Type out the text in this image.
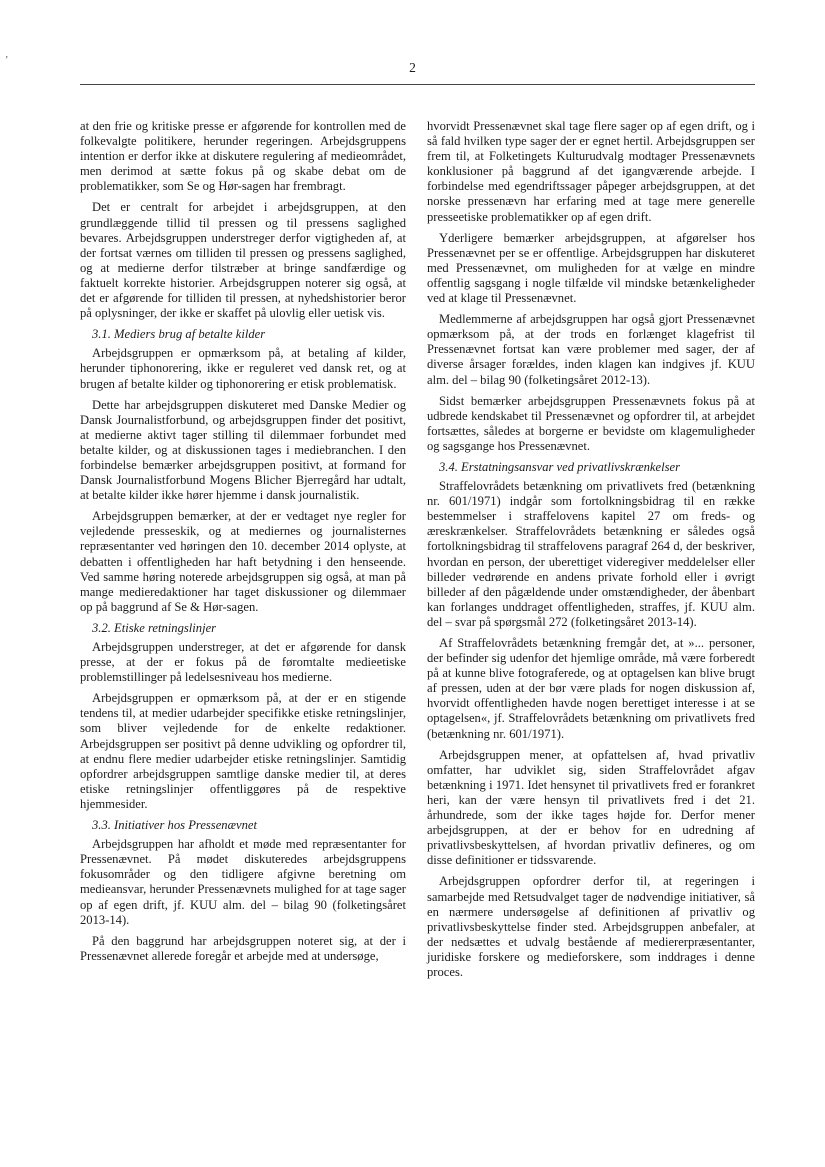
’	2

at den frie og kritiske presse er afgørende for kontrollen med de folkevalgte politikere, herunder regeringen. Arbejdsgruppens intention er derfor ikke at diskutere regulering af medieområdet, men derimod at sætte fokus på og skabe debat om de problematikker, som Se og Hør-sagen har frembragt.

Det er centralt for arbejdet i arbejdsgruppen, at den grundlæggende tillid til pressen og til pressens saglighed bevares. Arbejdsgruppen understreger derfor vigtigheden af, at der fortsat værnes om tilliden til pressen og pressens saglighed, og at medierne derfor tilstræber at bringe sandfærdige og faktuelt korrekte historier. Arbejdsgruppen noterer sig også, at det er afgørende for tilliden til pressen, at nyhedshistorier beror på oplysninger, der ikke er skaffet på ulovlig eller uetisk vis.

3.1. Mediers brug af betalte kilder

Arbejdsgruppen er opmærksom på, at betaling af kilder, herunder tiphonorering, ikke er reguleret ved dansk ret, og at brugen af betalte kilder og tiphonorering er etisk problematisk.

Dette har arbejdsgruppen diskuteret med Danske Medier og Dansk Journalistforbund, og arbejdsgruppen finder det positivt, at medierne aktivt tager stilling til dilemmaer forbundet med betalte kilder, og at diskussionen tages i mediebranchen. I den forbindelse bemærker arbejdsgruppen positivt, at formand for Dansk Journalistforbund Mogens Blicher Bjerregård har udtalt, at betalte kilder ikke hører hjemme i dansk journalistik.

Arbejdsgruppen bemærker, at der er vedtaget nye regler for vejledende presseskik, og at mediernes og journalisternes repræsentanter ved høringen den 10. december 2014 oplyste, at debatten i offentligheden har haft betydning i den henseende. Ved samme høring noterede arbejdsgruppen sig også, at man på mange medieredaktioner har taget diskussioner og dilemmaer op på baggrund af Se & Hør-sagen.

3.2. Etiske retningslinjer

Arbejdsgruppen understreger, at det er afgørende for dansk presse, at der er fokus på de føromtalte medieetiske problemstillinger på ledelsesniveau hos medierne.

Arbejdsgruppen er opmærksom på, at der er en stigende tendens til, at medier udarbejder specifikke etiske retningslinjer, som bliver vejledende for de enkelte redaktioner. Arbejdsgruppen ser positivt på denne udvikling og opfordrer til, at endnu flere medier udarbejder etiske retningslinjer. Samtidig opfordrer arbejdsgruppen samtlige danske medier til, at deres etiske retningslinjer offentliggøres på de respektive hjemmesider.

3.3. Initiativer hos Pressenævnet

Arbejdsgruppen har afholdt et møde med repræsentanter for Pressenævnet. På mødet diskuteredes arbejdsgruppens fokusområder og den tidligere afgivne beretning om medieansvar, herunder Pressenævnets mulighed for at tage sager op af egen drift, jf. KUU alm. del – bilag 90 (folketingsåret 2013-14).

På den baggrund har arbejdsgruppen noteret sig, at der i Pressenævnet allerede foregår et arbejde med at undersøge,

hvorvidt Pressenævnet skal tage flere sager op af egen drift, og i så fald hvilken type sager der er egnet hertil. Arbejdsgruppen ser frem til, at Folketingets Kulturudvalg modtager Pressenævnets konklusioner på baggrund af det igangværende arbejde. I forbindelse med egendriftssager påpeger arbejdsgruppen, at det norske pressenævn har erfaring med at tage mere generelle presseetiske problematikker op af egen drift.

Yderligere bemærker arbejdsgruppen, at afgørelser hos Pressenævnet per se er offentlige. Arbejdsgruppen har diskuteret med Pressenævnet, om muligheden for at vælge en mindre offentlig sagsgang i nogle tilfælde vil mindske betænkeligheder ved at klage til Pressenævnet.

Medlemmerne af arbejdsgruppen har også gjort Pressenævnet opmærksom på, at der trods en forlænget klagefrist til Pressenævnet fortsat kan være problemer med sager, der af diverse årsager forældes, inden klagen kan indgives jf. KUU alm. del – bilag 90 (folketingsåret 2012-13).

Sidst bemærker arbejdsgruppen Pressenævnets fokus på at udbrede kendskabet til Pressenævnet og opfordrer til, at arbejdet fortsættes, således at borgerne er bevidste om klagemuligheder og sagsgange hos Pressenævnet.

3.4. Erstatningsansvar ved privatlivskrænkelser

Straffelovrådets betænkning om privatlivets fred (betænkning nr. 601/1971) indgår som fortolkningsbidrag til en række bestemmelser i straffelovens kapitel 27 om freds- og æreskrænkelser. Straffelovrådets betænkning er således også fortolkningsbidrag til straffelovens paragraf 264 d, der beskriver, hvordan en person, der uberettiget videregiver meddelelser eller billeder vedrørende en andens private forhold eller i øvrigt billeder af den pågældende under omstændigheder, der åbenbart kan forlanges unddraget offentligheden, straffes, jf. KUU alm. del – svar på spørgsmål 272 (folketingsåret 2013-14).

Af Straffelovrådets betænkning fremgår det, at »... personer, der befinder sig udenfor det hjemlige område, må være forberedt på at kunne blive fotograferede, og at optagelsen kan blive brugt af pressen, uden at der bør være plads for nogen diskussion af, hvorvidt offentligheden havde nogen berettiget interesse i at se optagelsen«, jf. Straffelovrådets betænkning om privatlivets fred (betænkning nr. 601/1971).

Arbejdsgruppen mener, at opfattelsen af, hvad privatliv omfatter, har udviklet sig, siden Straffelovrådet afgav betænkning i 1971. Idet hensynet til privatlivets fred er forankret heri, kan der være hensyn til privatlivets fred i det 21. århundrede, som der ikke tages højde for. Derfor mener arbejdsgruppen, at der er behov for en udredning af privatlivsbeskyttelsen, af hvordan privatliv defineres, og om disse definitioner er tidssvarende.

Arbejdsgruppen opfordrer derfor til, at regeringen i samarbejde med Retsudvalget tager de nødvendige initiativer, så en nærmere undersøgelse af definitionen af privatliv og privatlivsbeskyttelse finder sted. Arbejdsgruppen anbefaler, at der nedsættes et udvalg bestående af mediererpræsentanter, juridiske forskere og medieforskere, som inddrages i denne proces.
